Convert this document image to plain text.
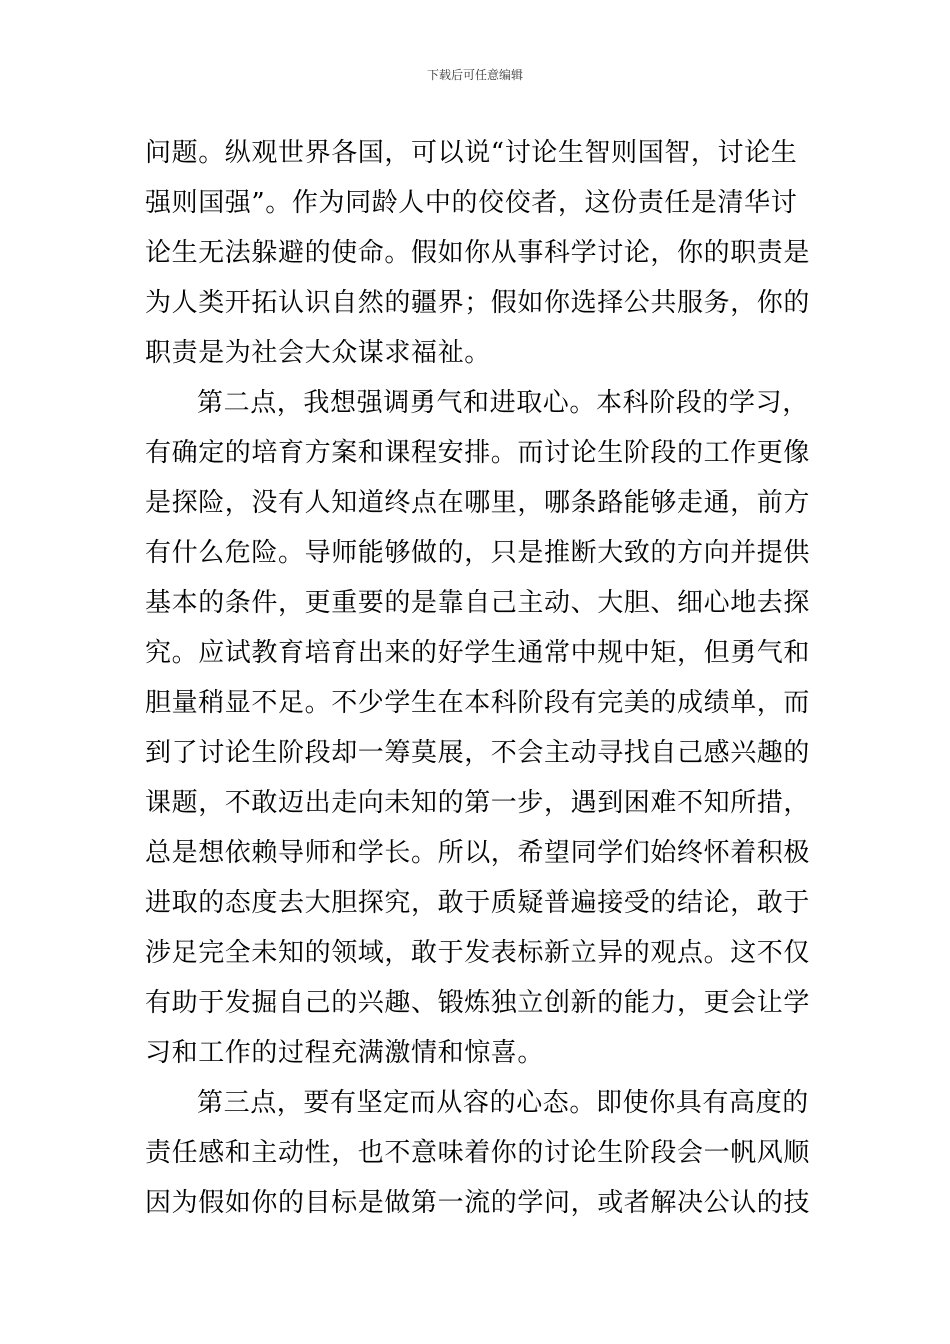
下载后可任意编辑
问题。纵观世界各国，可以说“讨论生智则国智，讨论生
强则国强”。作为同龄人中的佼佼者，这份责任是清华讨
论生无法躲避的使命。假如你从事科学讨论，你的职责是
为人类开拓认识自然的疆界；假如你选择公共服务，你的
职责是为社会大众谋求福祉。
第二点，我想强调勇气和进取心。本科阶段的学习，
有确定的培育方案和课程安排。而讨论生阶段的工作更像
是探险，没有人知道终点在哪里，哪条路能够走通，前方
有什么危险。导师能够做的，只是推断大致的方向并提供
基本的条件，更重要的是靠自己主动、大胆、细心地去探
究。应试教育培育出来的好学生通常中规中矩，但勇气和
胆量稍显不足。不少学生在本科阶段有完美的成绩单，而
到了讨论生阶段却一筹莫展，不会主动寻找自己感兴趣的
课题，不敢迈出走向未知的第一步，遇到困难不知所措，
总是想依赖导师和学长。所以，希望同学们始终怀着积极
进取的态度去大胆探究，敢于质疑普遍接受的结论，敢于
涉足完全未知的领域，敢于发表标新立异的观点。这不仅
有助于发掘自己的兴趣、锻炼独立创新的能力，更会让学
习和工作的过程充满激情和惊喜。
第三点，要有坚定而从容的心态。即使你具有高度的
责任感和主动性，也不意味着你的讨论生阶段会一帆风顺
因为假如你的目标是做第一流的学问，或者解决公认的技
